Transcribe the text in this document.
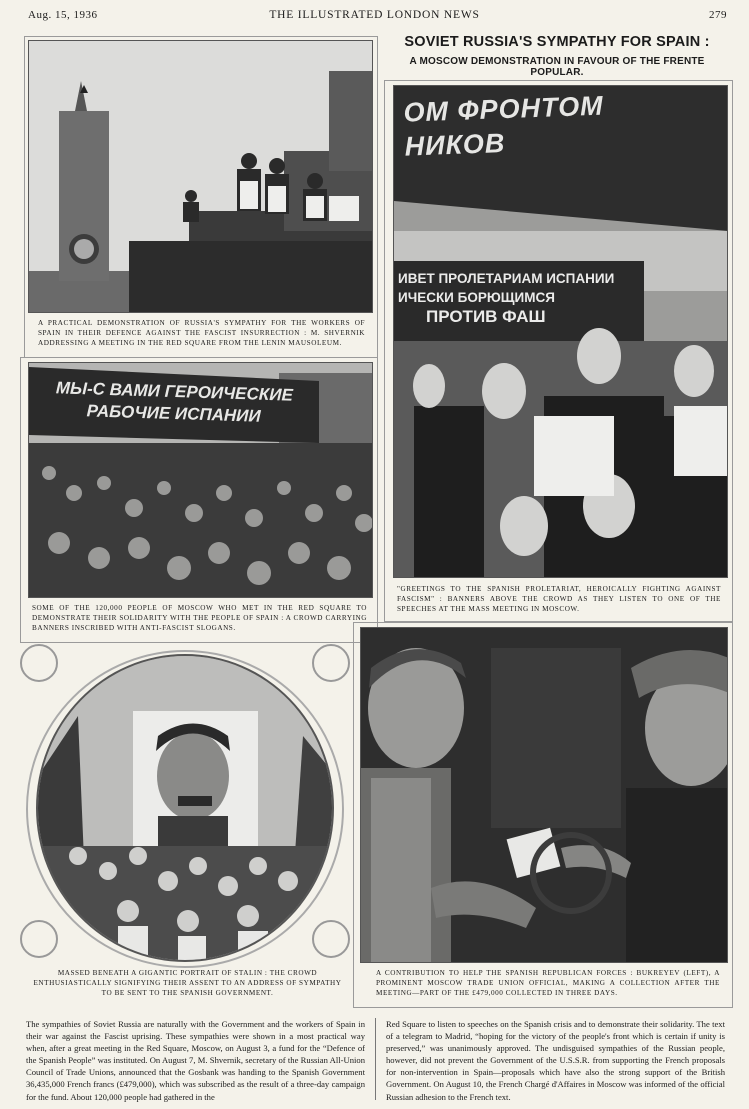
Aug. 15, 1936	THE ILLUSTRATED LONDON NEWS	279
SOVIET RUSSIA'S SYMPATHY FOR SPAIN :
A MOSCOW DEMONSTRATION IN FAVOUR OF THE FRENTE POPULAR.
A PRACTICAL DEMONSTRATION OF RUSSIA'S SYMPATHY FOR THE WORKERS OF SPAIN IN THEIR DEFENCE AGAINST THE FASCIST INSURRECTION : M. SHVERNIK ADDRESSING A MEETING IN THE RED SQUARE FROM THE LENIN MAUSOLEUM.
МЫ-С ВАМИ ГЕРОИЧЕСКИЕ
РАБОЧИЕ ИСПАНИИ
SOME OF THE 120,000 PEOPLE OF MOSCOW WHO MET IN THE RED SQUARE TO DEMONSTRATE THEIR SOLIDARITY WITH THE PEOPLE OF SPAIN : A CROWD CARRYING BANNERS INSCRIBED WITH ANTI-FASCIST SLOGANS.
ОМ ФРОНТОМ
НИКОВ
ИВЕТ ПРОЛЕТАРИАМ ИСПАНИИ
ИЧЕСКИ БОРЮЩИМСЯ
ПРОТИВ ФАШ
"GREETINGS TO THE SPANISH PROLETARIAT, HEROICALLY FIGHTING AGAINST FASCISM" : BANNERS ABOVE THE CROWD AS THEY LISTEN TO ONE OF THE SPEECHES AT THE MASS MEETING IN MOSCOW.
MASSED BENEATH A GIGANTIC PORTRAIT OF STALIN : THE CROWD ENTHUSIASTICALLY SIGNIFYING THEIR ASSENT TO AN ADDRESS OF SYMPATHY TO BE SENT TO THE SPANISH GOVERNMENT.
A CONTRIBUTION TO HELP THE SPANISH REPUBLICAN FORCES : BUKREYEV (LEFT), A PROMINENT MOSCOW TRADE UNION OFFICIAL, MAKING A COLLECTION AFTER THE MEETING—PART OF THE £479,000 COLLECTED IN THREE DAYS.
The sympathies of Soviet Russia are naturally with the Government and the workers of Spain in their war against the Fascist uprising. These sympathies were shown in a most practical way when, after a great meeting in the Red Square, Moscow, on August 3, a fund for the “Defence of the Spanish People” was instituted. On August 7, M. Shvernik, secretary of the Russian All-Union Council of Trade Unions, announced that the Gosbank was handing to the Spanish Government 36,435,000 French francs (£479,000), which was subscribed as the result of a three-day campaign for the fund. About 120,000 people had gathered in the
Red Square to listen to speeches on the Spanish crisis and to demonstrate their solidarity. The text of a telegram to Madrid, “hoping for the victory of the people's front which is certain if unity is preserved,” was unanimously approved. The undisguised sympathies of the Russian people, however, did not prevent the Government of the U.S.S.R. from supporting the French proposals for non-intervention in Spain—proposals which have also the strong support of the British Government. On August 10, the French Chargé d'Affaires in Moscow was informed of the official Russian adhesion to the French text.
